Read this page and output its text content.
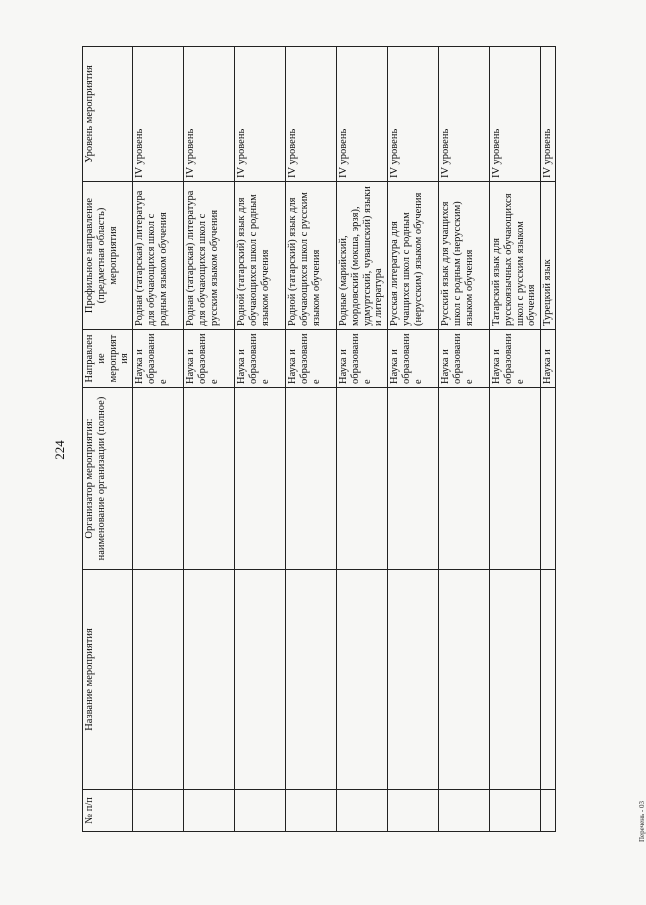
224
Перечень - 03
№ п/п	Название мероприятия	Организатор мероприятия: наименование организации (полное)	Направление мероприятия	Профильное направление (предметная область) мероприятия	Уровень мероприятия
			Наука и образование	Родная (татарская) литература для обучающихся школ с родным языком обучения	IV уровень
			Наука и образование	Родная (татарская) литература для обучающихся школ с русским языком обучения	IV уровень
			Наука и образование	Родной (татарский) язык для обучающихся школ с родным языком обучения	IV уровень
			Наука и образование	Родной (татарский) язык для обучающихся школ с русским языком обучения	IV уровень
			Наука и образование	Родные (марийский, мордовский (мокша, эрзя), удмуртский, чувашский) языки и литература	IV уровень
			Наука и образование	Русская литература для учащихся школ с родным (нерусским) языком обучения	IV уровень
			Наука и образование	Русский язык для учащихся школ с родным (нерусским) языком обучения	IV уровень
			Наука и образование	Татарский язык для русскоязычных обучающихся школ с русским языком обучения	IV уровень
			Наука и	Турецкий язык	IV уровень
